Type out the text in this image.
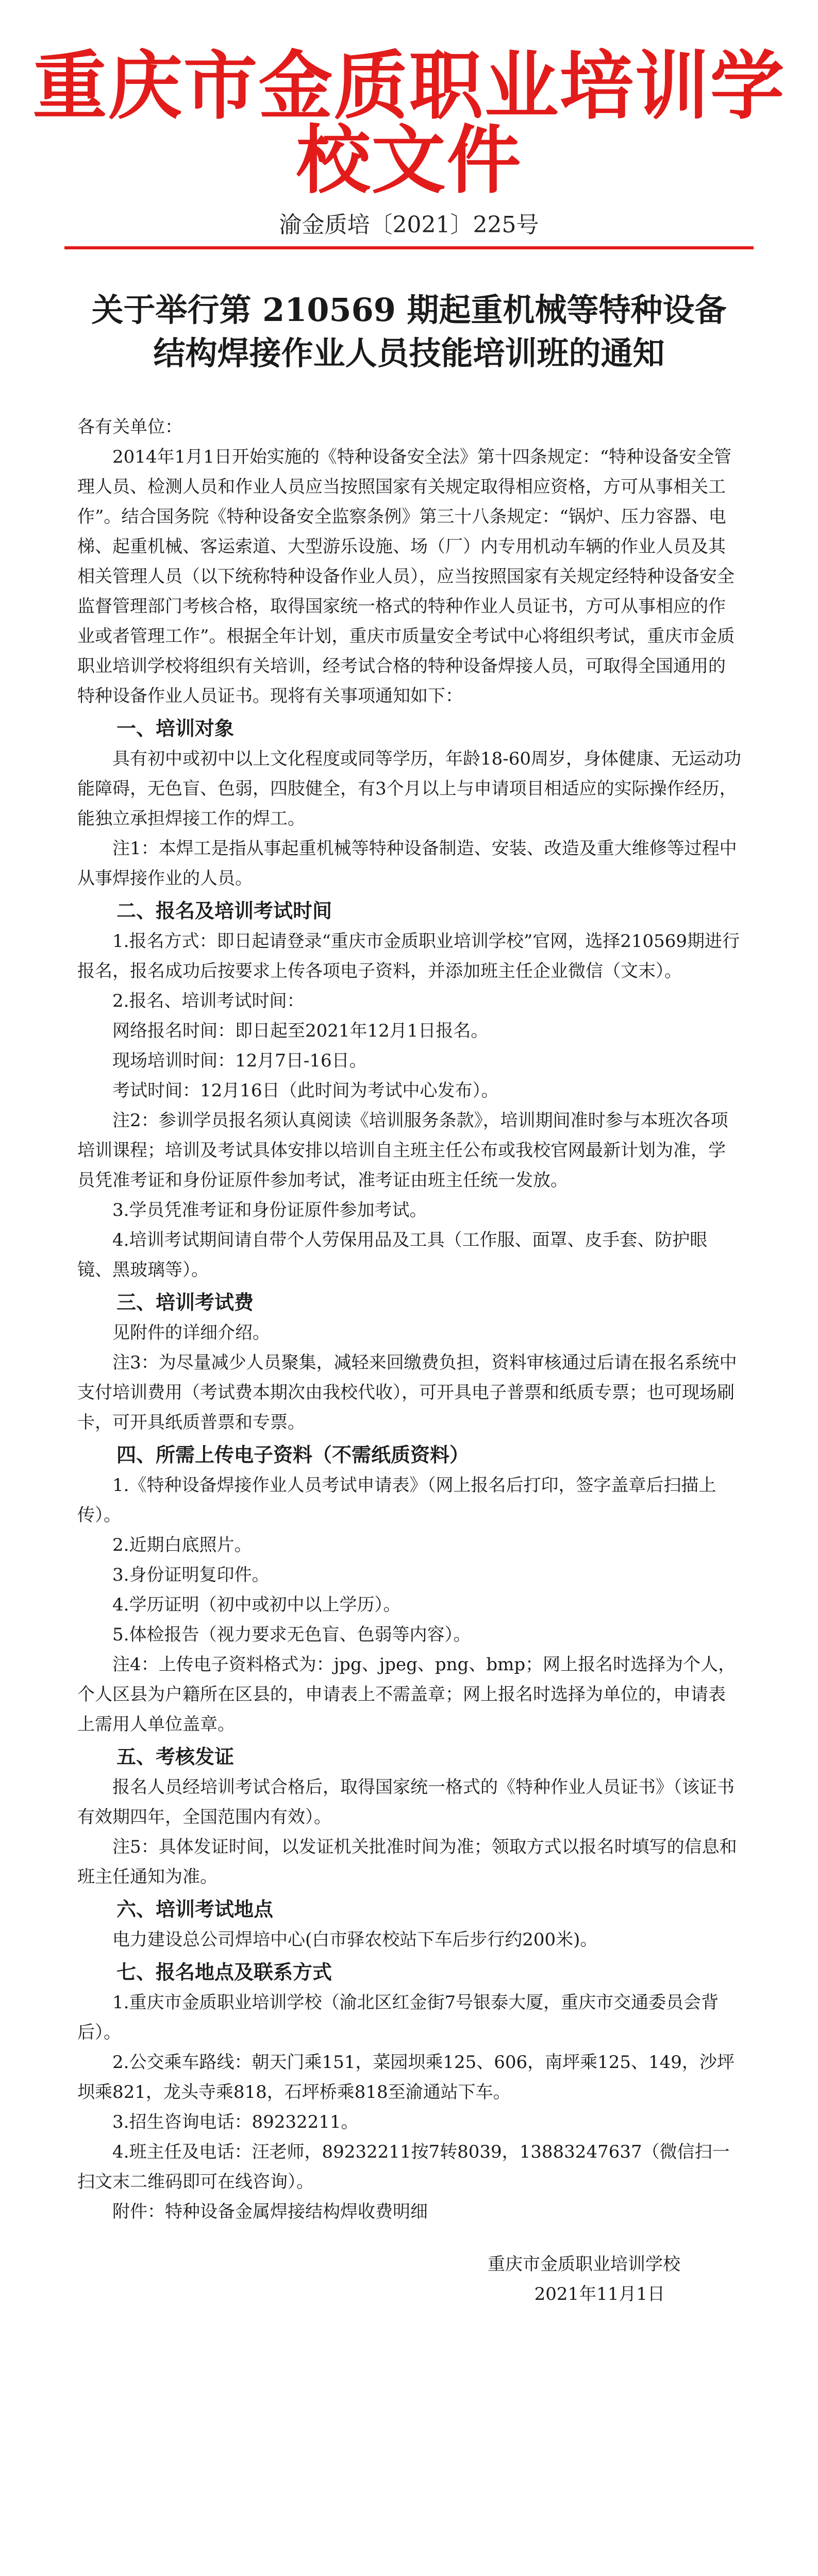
重庆市金质职业培训学校文件
渝金质培〔2021〕225号
关于举行第 210569 期起重机械等特种设备
结构焊接作业人员技能培训班的通知

各有关单位：

2014年1月1日开始实施的《特种设备安全法》第十四条规定：“特种设备安全管理人员、检测人员和作业人员应当按照国家有关规定取得相应资格，方可从事相关工作”。结合国务院《特种设备安全监察条例》第三十八条规定：“锅炉、压力容器、电梯、起重机械、客运索道、大型游乐设施、场（厂）内专用机动车辆的作业人员及其相关管理人员（以下统称特种设备作业人员），应当按照国家有关规定经特种设备安全监督管理部门考核合格，取得国家统一格式的特种作业人员证书，方可从事相应的作业或者管理工作”。根据全年计划，重庆市质量安全考试中心将组织考试，重庆市金质职业培训学校将组织有关培训，经考试合格的特种设备焊接人员，可取得全国通用的特种设备作业人员证书。现将有关事项通知如下：

一、培训对象

具有初中或初中以上文化程度或同等学历，年龄18-60周岁，身体健康、无运动功能障碍，无色盲、色弱，四肢健全，有3个月以上与申请项目相适应的实际操作经历，能独立承担焊接工作的焊工。

注1：本焊工是指从事起重机械等特种设备制造、安装、改造及重大维修等过程中从事焊接作业的人员。

二、报名及培训考试时间

1.报名方式：即日起请登录“重庆市金质职业培训学校”官网，选择210569期进行报名，报名成功后按要求上传各项电子资料，并添加班主任企业微信（文末）。

2.报名、培训考试时间：

网络报名时间：即日起至2021年12月1日报名。

现场培训时间：12月7日-16日。

考试时间：12月16日（此时间为考试中心发布）。

注2：参训学员报名须认真阅读《培训服务条款》，培训期间准时参与本班次各项培训课程；培训及考试具体安排以培训自主班主任公布或我校官网最新计划为准，学员凭准考证和身份证原件参加考试，准考证由班主任统一发放。

3.学员凭准考证和身份证原件参加考试。

4.培训考试期间请自带个人劳保用品及工具（工作服、面罩、皮手套、防护眼镜、黑玻璃等）。

三、培训考试费

见附件的详细介绍。

注3：为尽量减少人员聚集，减轻来回缴费负担，资料审核通过后请在报名系统中支付培训费用（考试费本期次由我校代收），可开具电子普票和纸质专票；也可现场刷卡，可开具纸质普票和专票。

四、所需上传电子资料（不需纸质资料）

1.《特种设备焊接作业人员考试申请表》（网上报名后打印，签字盖章后扫描上传）。

2.近期白底照片。

3.身份证明复印件。

4.学历证明（初中或初中以上学历）。

5.体检报告（视力要求无色盲、色弱等内容）。

注4：上传电子资料格式为：jpg、jpeg、png、bmp；网上报名时选择为个人，个人区县为户籍所在区县的，申请表上不需盖章；网上报名时选择为单位的，申请表上需用人单位盖章。

五、考核发证

报名人员经培训考试合格后，取得国家统一格式的《特种作业人员证书》（该证书有效期四年，全国范围内有效）。

注5：具体发证时间，以发证机关批准时间为准；领取方式以报名时填写的信息和班主任通知为准。

六、培训考试地点

电力建设总公司焊培中心(白市驿农校站下车后步行约200米)。

七、报名地点及联系方式

1.重庆市金质职业培训学校（渝北区红金街7号银泰大厦，重庆市交通委员会背后）。

2.公交乘车路线：朝天门乘151，菜园坝乘125、606，南坪乘125、149，沙坪坝乘821，龙头寺乘818，石坪桥乘818至渝通站下车。

3.招生咨询电话：89232211。

4.班主任及电话：汪老师，89232211按7转8039，13883247637（微信扫一扫文末二维码即可在线咨询）。

附件：特种设备金属焊接结构焊收费明细

重庆市金质职业培训学校
2021年11月1日
